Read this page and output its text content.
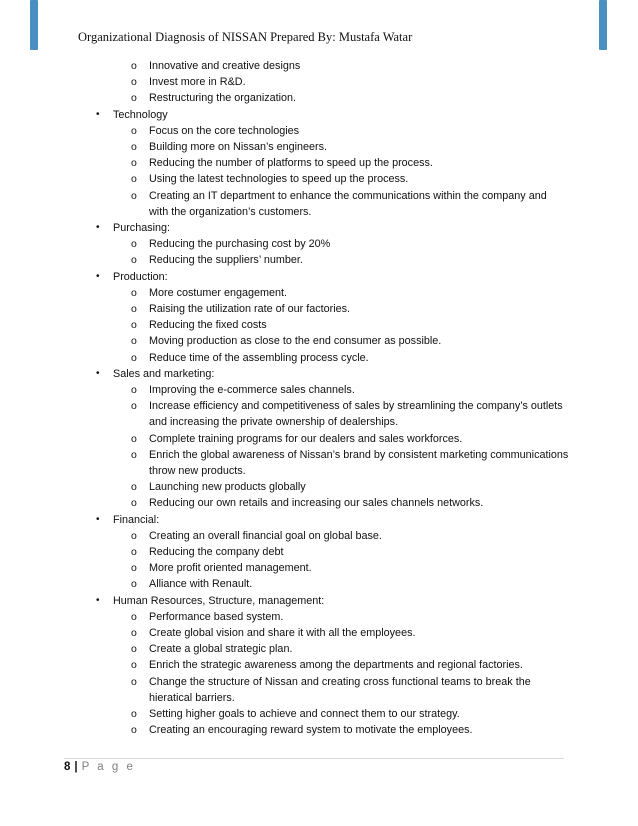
Organizational Diagnosis of NISSAN Prepared By: Mustafa Watar
o Innovative and creative designs
o Invest more in R&D.
o Restructuring the organization.
• Technology
o Focus on the core technologies
o Building more on Nissan’s engineers.
o Reducing the number of platforms to speed up the process.
o Using the latest technologies to speed up the process.
o Creating an IT department to enhance the communications within the company and
with the organization’s customers.
• Purchasing:
o Reducing the purchasing cost by 20%
o Reducing the suppliers’ number.
• Production:
o More costumer engagement.
o Raising the utilization rate of our factories.
o Reducing the fixed costs
o Moving production as close to the end consumer as possible.
o Reduce time of the assembling process cycle.
• Sales and marketing:
o Improving the e-commerce sales channels.
o Increase efficiency and competitiveness of sales by streamlining the company’s outlets
and increasing the private ownership of dealerships.
o Complete training programs for our dealers and sales workforces.
o Enrich the global awareness of Nissan’s brand by consistent marketing communications
throw new products.
o Launching new products globally
o Reducing our own retails and increasing our sales channels networks.
• Financial:
o Creating an overall financial goal on global base.
o Reducing the company debt
o More profit oriented management.
o Alliance with Renault.
• Human Resources, Structure, management:
o Performance based system.
o Create global vision and share it with all the employees.
o Create a global strategic plan.
o Enrich the strategic awareness among the departments and regional factories.
o Change the structure of Nissan and creating cross functional teams to break the
hieratical barriers.
o Setting higher goals to achieve and connect them to our strategy.
o Creating an encouraging reward system to motivate the employees.
8 | P a g e
